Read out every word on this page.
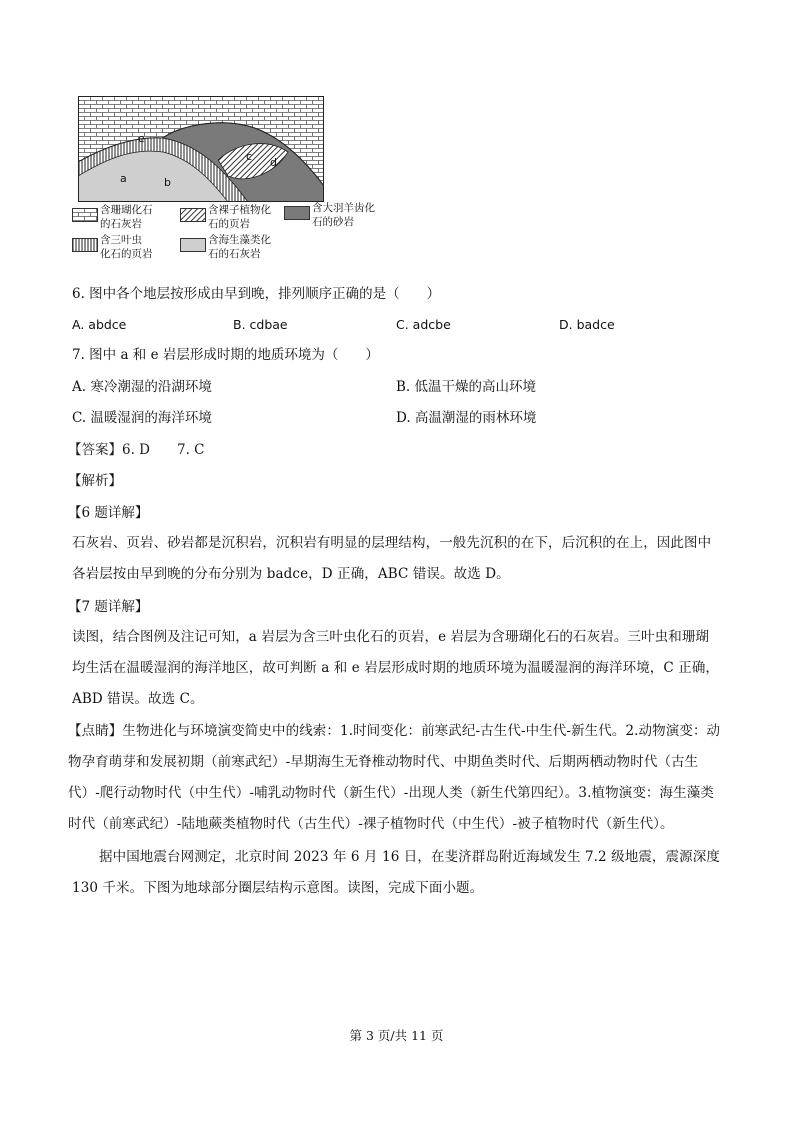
a	b
c d
e
含珊瑚化石
的石灰岩
含裸子植物化
石的页岩
含大羽羊齿化
石的砂岩
含三叶虫
化石的页岩
含海生藻类化
石的石灰岩
6. 图中各个地层按形成由早到晚，排列顺序正确的是（　　）
A. abdce	B. cdbae	C. adcbe	D. badce
7. 图中 a 和 e 岩层形成时期的地质环境为（　　）
A. 寒冷潮湿的沿湖环境	B. 低温干燥的高山环境
C. 温暖湿润的海洋环境	D. 高温潮湿的雨林环境
【答案】6. D　　7. C
【解析】
【6 题详解】
石灰岩、页岩、砂岩都是沉积岩，沉积岩有明显的层理结构，一般先沉积的在下，后沉积的在上，因此图中各岩层按由早到晚的分布分别为 badce，D 正确，ABC 错误。故选 D。
【7 题详解】
读图，结合图例及注记可知，a 岩层为含三叶虫化石的页岩，e 岩层为含珊瑚化石的石灰岩。三叶虫和珊瑚均生活在温暖湿润的海洋地区，故可判断 a 和 e 岩层形成时期的地质环境为温暖湿润的海洋环境，C 正确，ABD 错误。故选 C。
【点睛】生物进化与环境演变简史中的线索：1.时间变化：前寒武纪-古生代-中生代-新生代。2.动物演变：动物孕育萌芽和发展初期（前寒武纪）-早期海生无脊椎动物时代、中期鱼类时代、后期两栖动物时代（古生代）-爬行动物时代（中生代）-哺乳动物时代（新生代）-出现人类（新生代第四纪）。3.植物演变：海生藻类时代（前寒武纪）-陆地蕨类植物时代（古生代）-裸子植物时代（中生代）-被子植物时代（新生代）。
据中国地震台网测定，北京时间 2023 年 6 月 16 日，在斐济群岛附近海域发生 7.2 级地震，震源深度 130 千米。下图为地球部分圈层结构示意图。读图，完成下面小题。
第 3 页/共 11 页
